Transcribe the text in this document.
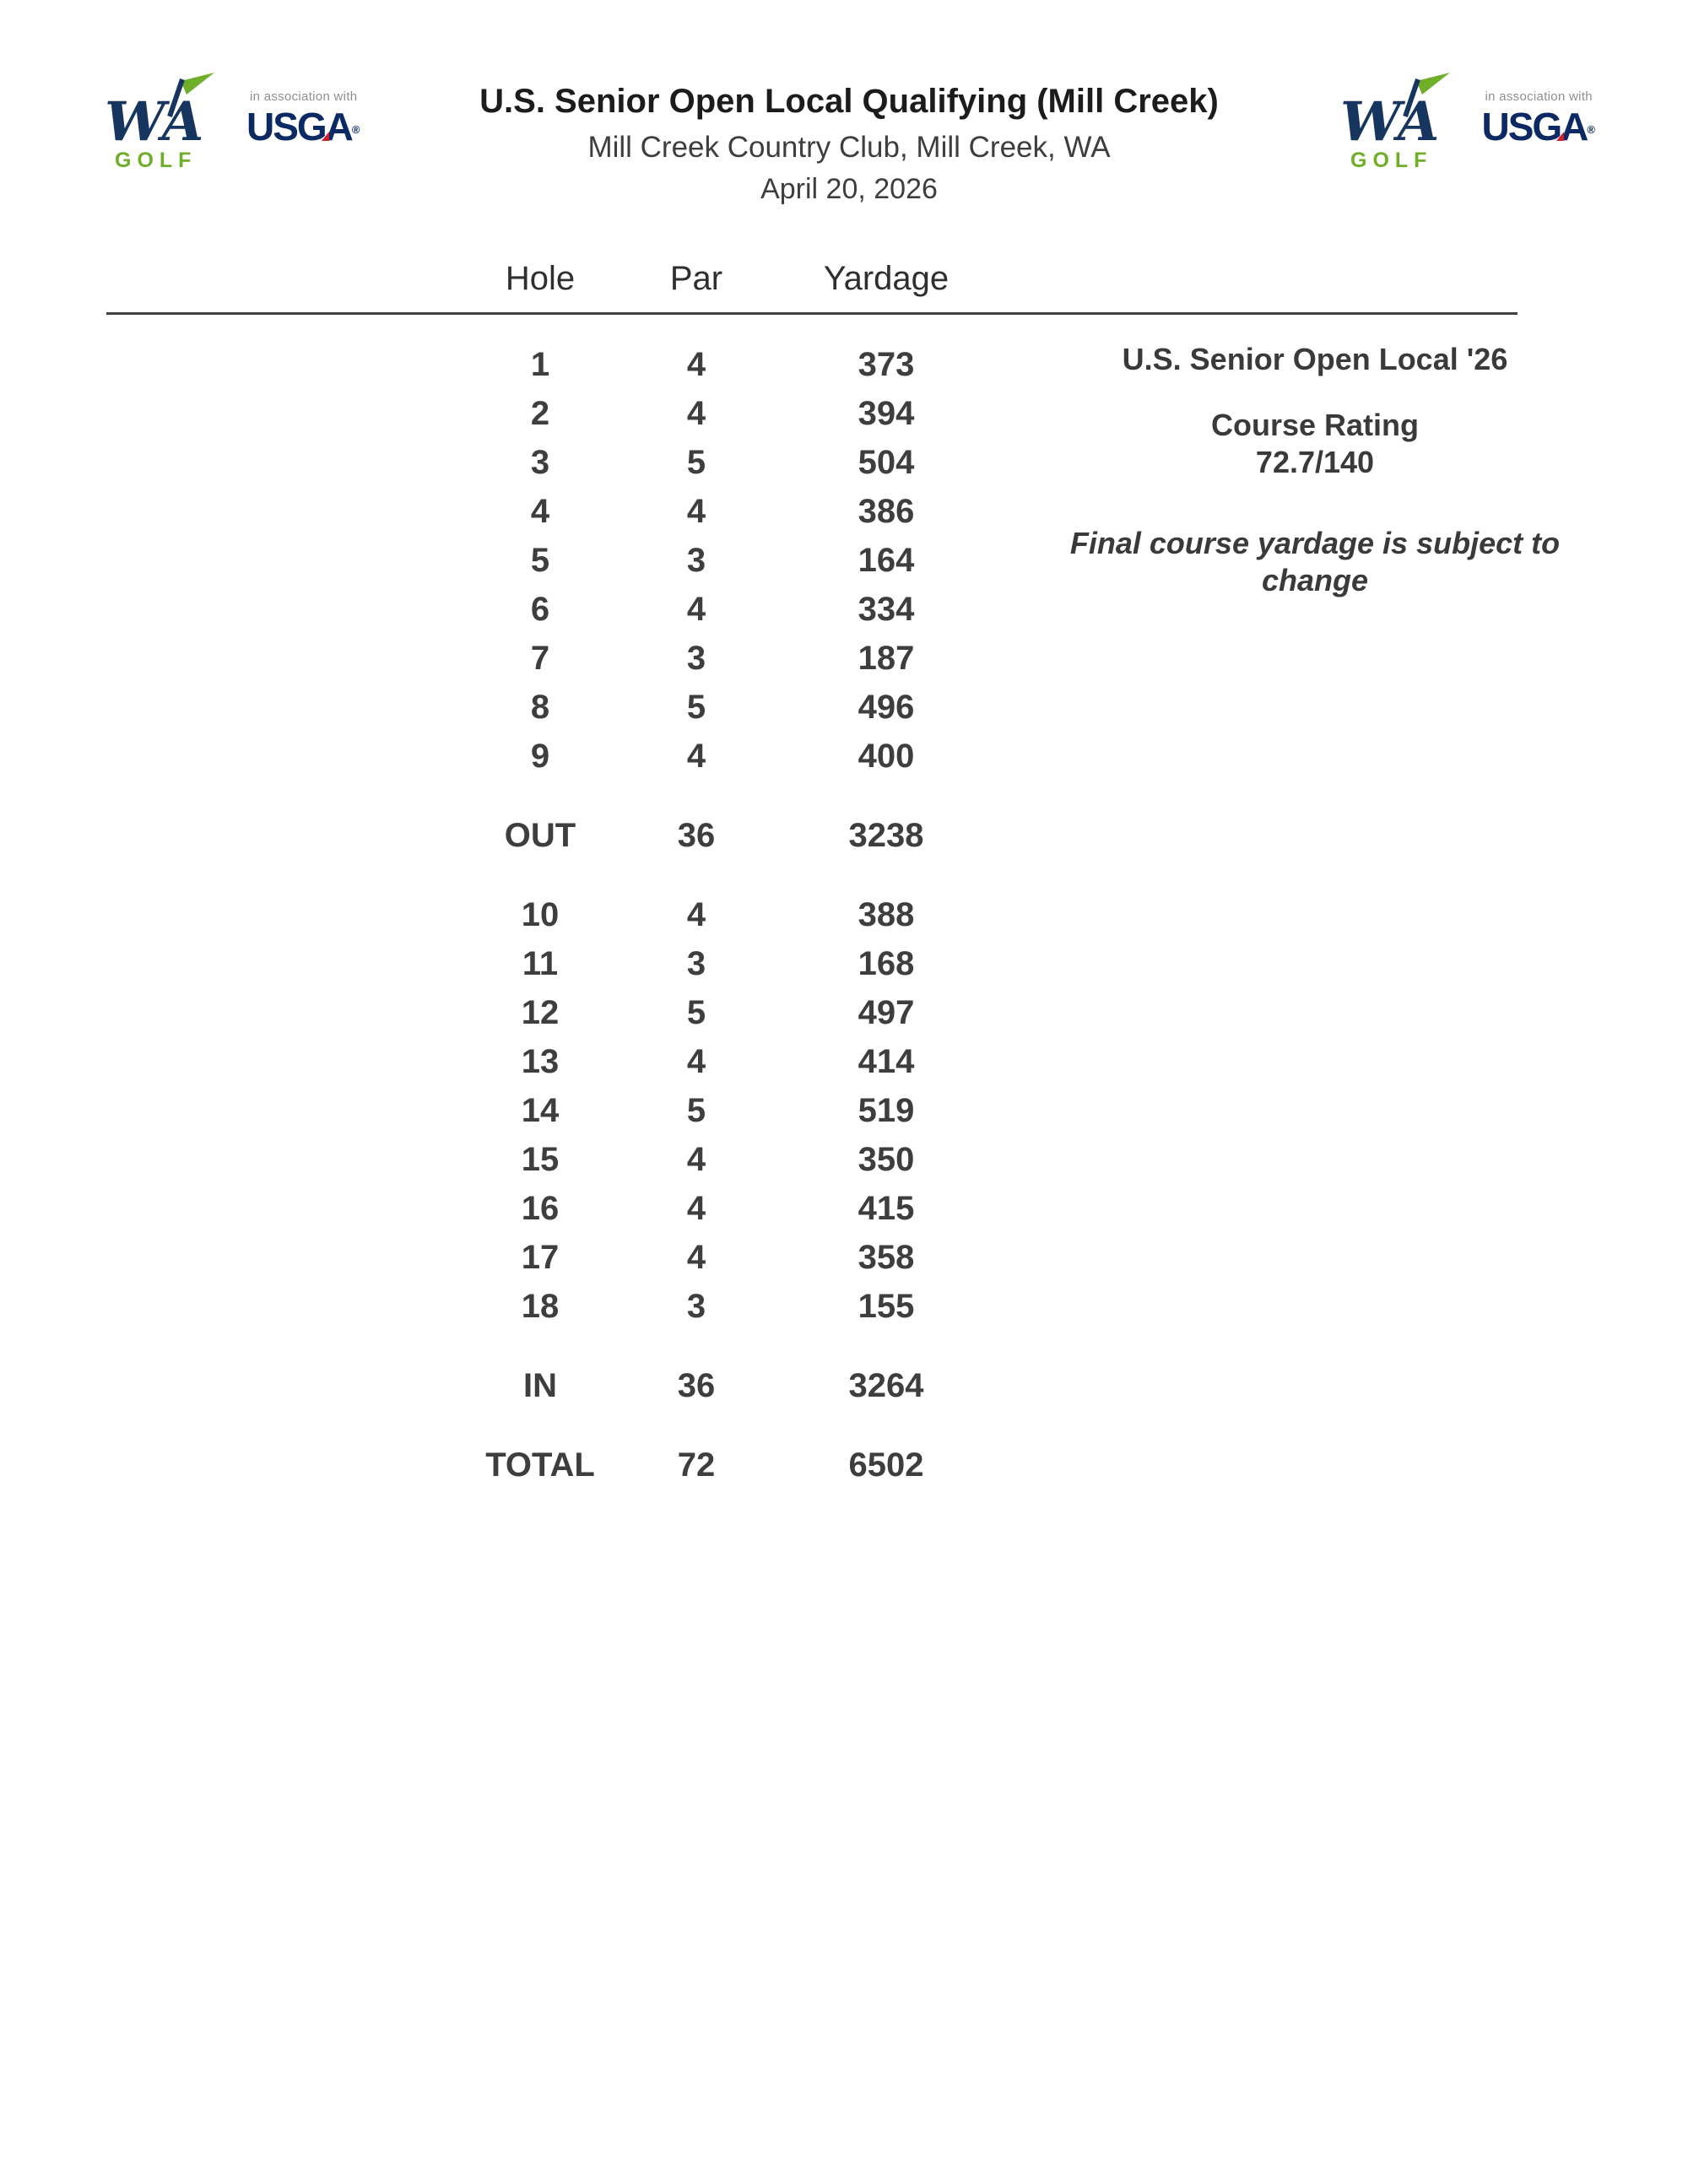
WA
GOLF
in association with
USGA®
U.S. Senior Open Local Qualifying (Mill Creek)
Mill Creek Country Club, Mill Creek, WA
April 20, 2026
WA
GOLF
in association with
USGA®
Hole	Par	Yardage
1	4	373
2	4	394
3	5	504
4	4	386
5	3	164
6	4	334
7	3	187
8	5	496
9	4	400
OUT	36	3238
10	4	388
11	3	168
12	5	497
13	4	414
14	5	519
15	4	350
16	4	415
17	4	358
18	3	155
IN	36	3264
TOTAL	72	6502
U.S. Senior Open Local '26
Course Rating
72.7/140
Final course yardage is subject to change
